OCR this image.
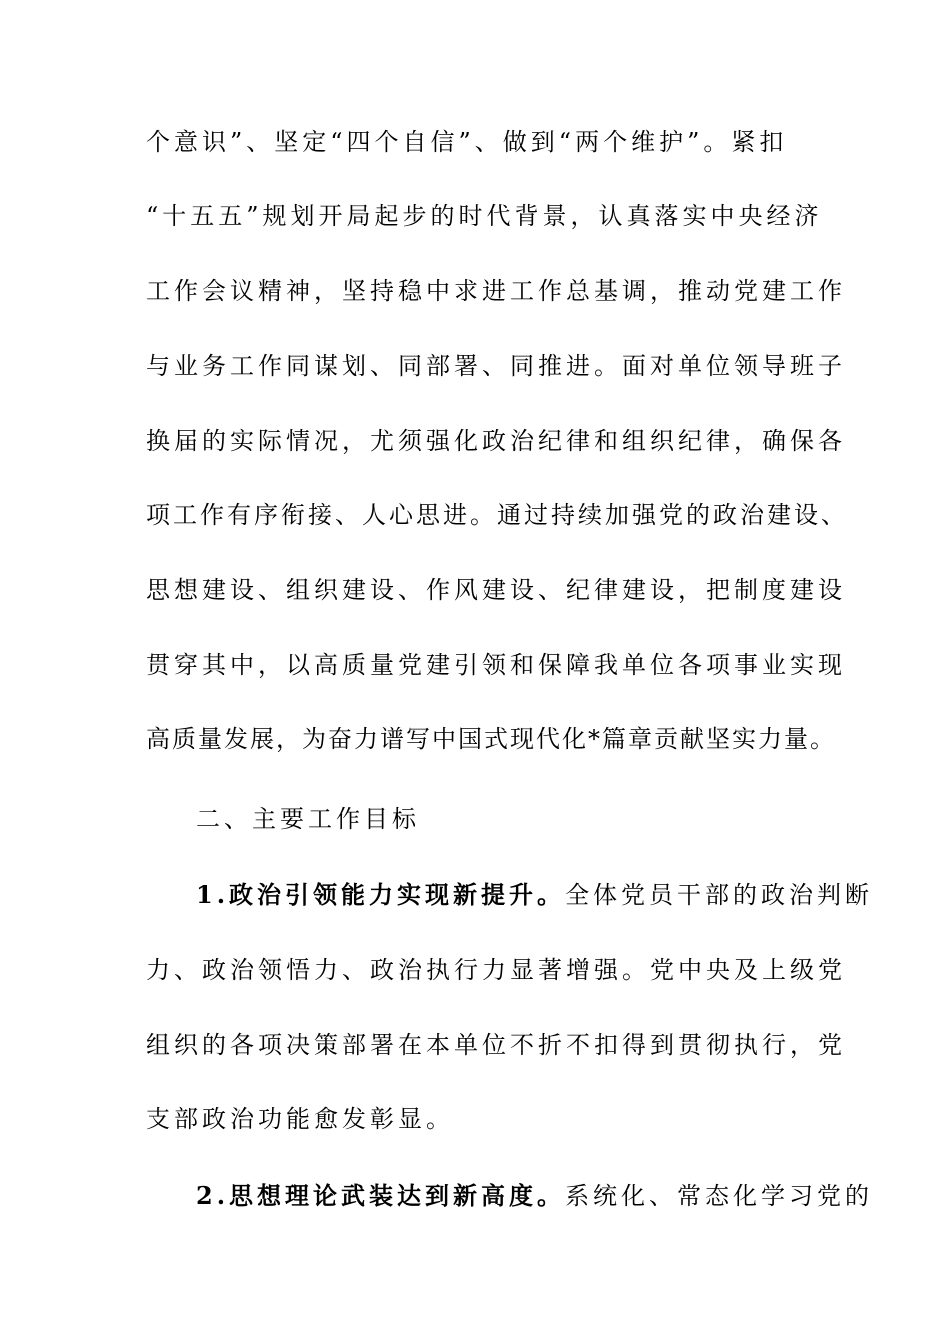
个意识”、坚定“四个自信”、做到“两个维护”。紧扣
“十五五”规划开局起步的时代背景，认真落实中央经济
工作会议精神，坚持稳中求进工作总基调，推动党建工作
与业务工作同谋划、同部署、同推进。面对单位领导班子
换届的实际情况，尤须强化政治纪律和组织纪律，确保各
项工作有序衔接、人心思进。通过持续加强党的政治建设、
思想建设、组织建设、作风建设、纪律建设，把制度建设
贯穿其中，以高质量党建引领和保障我单位各项事业实现
高质量发展，为奋力谱写中国式现代化*篇章贡献坚实力量。
二、主要工作目标
1.政治引领能力实现新提升。全体党员干部的政治判断
力、政治领悟力、政治执行力显著增强。党中央及上级党
组织的各项决策部署在本单位不折不扣得到贯彻执行，党
支部政治功能愈发彰显。
2.思想理论武装达到新高度。系统化、常态化学习党的
